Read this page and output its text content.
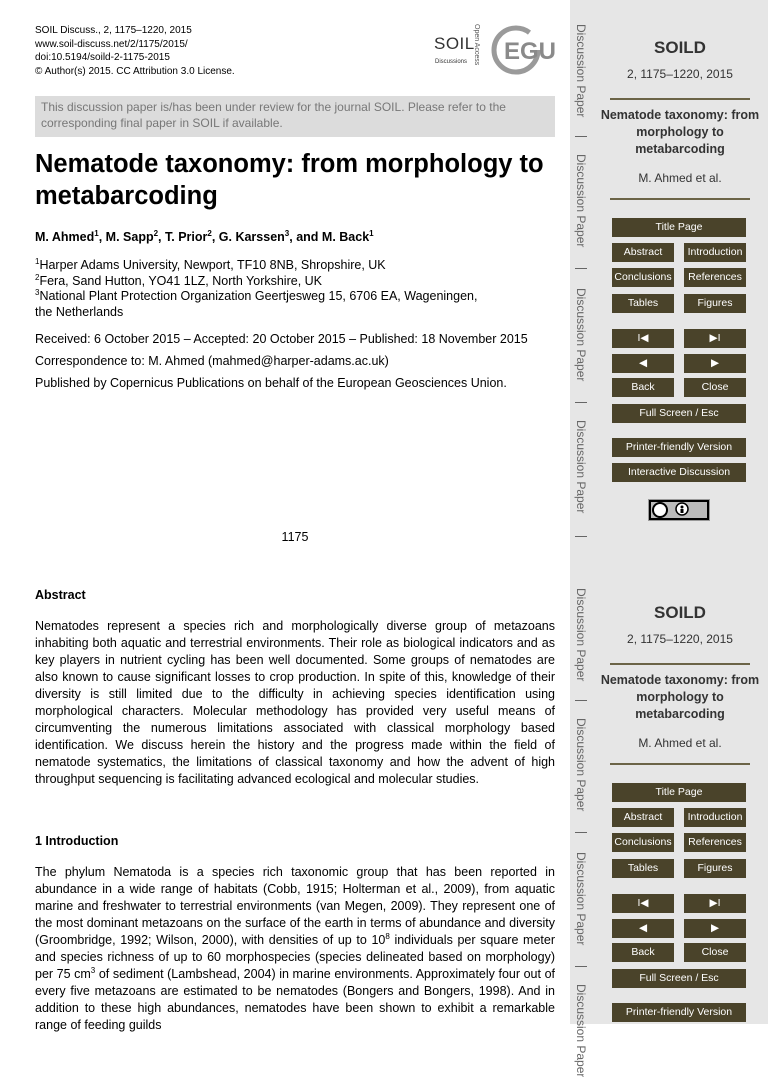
SOIL Discuss., 2, 1175–1220, 2015
www.soil-discuss.net/2/1175/2015/
doi:10.5194/soild-2-1175-2015
© Author(s) 2015. CC Attribution 3.0 License.
SOIL
Discussions Open Access EGU
This discussion paper is/has been under review for the journal SOIL. Please refer to the corresponding final paper in SOIL if available.
Nematode taxonomy: from morphology to metabarcoding
M. Ahmed$^1$, M. Sapp$^2$, T. Prior$^2$, G. Karssen$^3$, and M. Back$^1$
$^1$Harper Adams University, Newport, TF10 8NB, Shropshire, UK
$^2$Fera, Sand Hutton, YO41 1LZ, North Yorkshire, UK
$^3$National Plant Protection Organization Geertjesweg 15, 6706 EA, Wageningen,
the Netherlands
Received: 6 October 2015 – Accepted: 20 October 2015 – Published: 18 November 2015
Correspondence to: M. Ahmed (mahmed@harper-adams.ac.uk)
Published by Copernicus Publications on behalf of the European Geosciences Union.
1175
Abstract

Nematodes represent a species rich and morphologically diverse group of metazoans inhabiting both aquatic and terrestrial environments. Their role as biological indicators and as key players in nutrient cycling has been well documented. Some groups of nematodes are also known to cause significant losses to crop production. In spite of this, knowledge of their diversity is still limited due to the difficulty in achieving species identification using morphological characters. Molecular methodology has provided very useful means of circumventing the numerous limitations associated with classical morphology based identification. We discuss herein the history and the progress made within the field of nematode systematics, the limitations of classical taxonomy and how the advent of high throughput sequencing is facilitating advanced ecological and molecular studies.

1 Introduction

The phylum Nematoda is a species rich taxonomic group that has been reported in abundance in a wide range of habitats (Cobb, 1915; Holterman et al., 2009), from aquatic marine and freshwater to terrestrial environments (van Megen, 2009). They represent one of the most dominant metazoans on the surface of the earth in terms of abundance and diversity (Groombridge, 1992; Wilson, 2000), with densities of up to $10^8$ individuals per square meter and species richness of up to 60 morphospecies (species delineated based on morphology) per 75 $cm^3$ of sediment (Lambshead, 2004) in marine environments. Approximately four out of every five metazoans are estimated to be nematodes (Bongers and Bongers, 1998). And in addition to these high abundances, nematodes have been shown to exhibit a remarkable range of feeding guilds

Discussion Paper
Discussion Paper
Discussion Paper
Discussion Paper
Discussion Paper
Discussion Paper
Discussion Paper
Discussion Paper
SOILD
2, 1175–1220, 2015
Nematode taxonomy: from morphology to metabarcoding
M. Ahmed et al.
Title Page
Abstract	Introduction
Conclusions	References
Tables	Figures
I◀	▶I
◀	▶
Back	Close
Full Screen / Esc
Printer-friendly Version
Interactive Discussion
SOILD
2, 1175–1220, 2015
Nematode taxonomy: from morphology to metabarcoding
M. Ahmed et al.
Title Page
Abstract	Introduction
Conclusions	References
Tables	Figures
I◀	▶I
◀	▶
Back	Close
Full Screen / Esc
Printer-friendly Version
